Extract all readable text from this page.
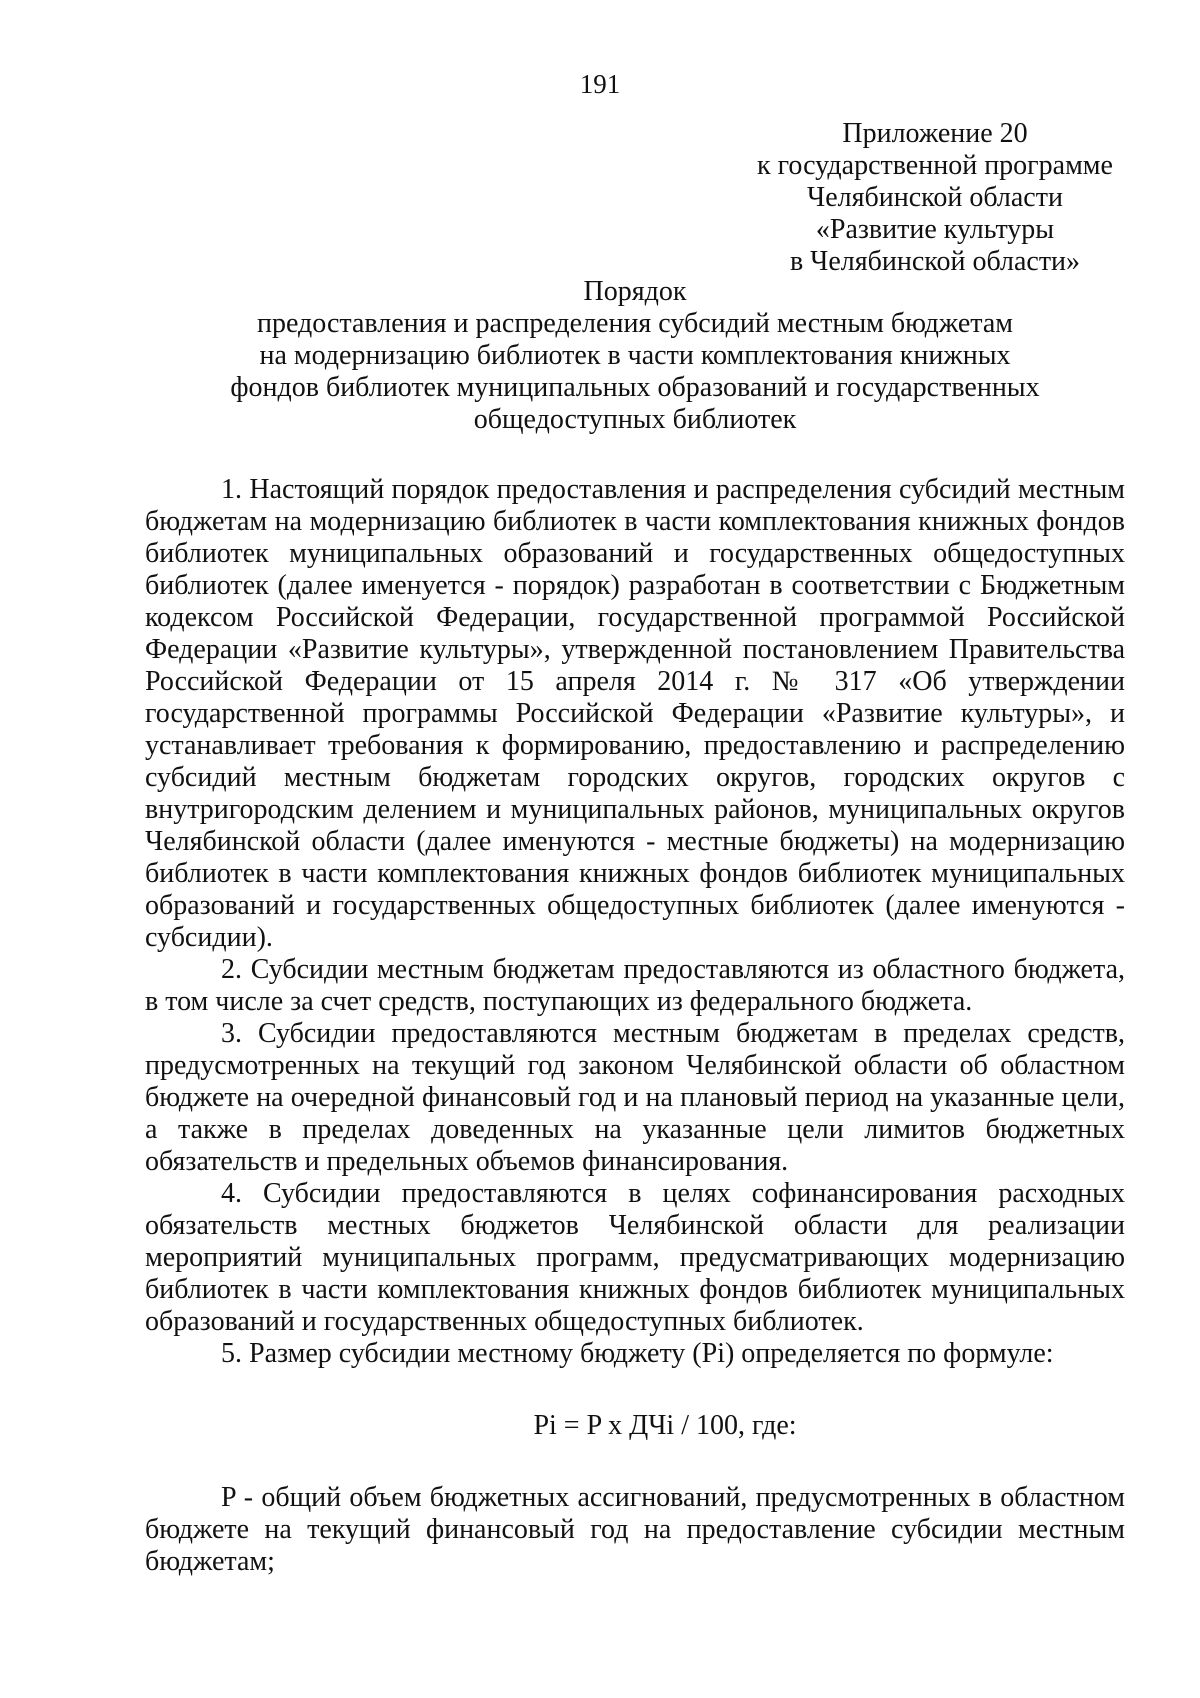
191
Приложение 20
к государственной программе
Челябинской области
«Развитие культуры
в Челябинской области»
Порядок
предоставления и распределения субсидий местным бюджетам
на модернизацию библиотек в части комплектования книжных
фондов библиотек муниципальных образований и государственных
общедоступных библиотек

1. Настоящий порядок предоставления и распределения субсидий местным бюджетам на модернизацию библиотек в части комплектования книжных фондов библиотек муниципальных образований и государственных общедоступных библиотек (далее именуется - порядок) разработан в соответствии с Бюджетным кодексом Российской Федерации, государственной программой Российской Федерации «Развитие культуры», утвержденной постановлением Правительства Российской Федерации от 15 апреля 2014 г. № 317 «Об утверждении государственной программы Российской Федерации «Развитие культуры», и устанавливает требования к формированию, предоставлению и распределению субсидий местным бюджетам городских округов, городских округов с внутригородским делением и муниципальных районов, муниципальных округов Челябинской области (далее именуются - местные бюджеты) на модернизацию библиотек в части комплектования книжных фондов библиотек муниципальных образований и государственных общедоступных библиотек (далее именуются - субсидии).

2. Субсидии местным бюджетам предоставляются из областного бюджета, в том числе за счет средств, поступающих из федерального бюджета.

3. Субсидии предоставляются местным бюджетам в пределах средств, предусмотренных на текущий год законом Челябинской области об областном бюджете на очередной финансовый год и на плановый период на указанные цели, а также в пределах доведенных на указанные цели лимитов бюджетных обязательств и предельных объемов финансирования.

4. Субсидии предоставляются в целях софинансирования расходных обязательств местных бюджетов Челябинской области для реализации мероприятий муниципальных программ, предусматривающих модернизацию библиотек в части комплектования книжных фондов библиотек муниципальных образований и государственных общедоступных библиотек.

5. Размер субсидии местному бюджету (Pi) определяется по формуле:

Pi = P x ДЧi / 100, где:

P - общий объем бюджетных ассигнований, предусмотренных в областном бюджете на текущий финансовый год на предоставление субсидии местным бюджетам;
